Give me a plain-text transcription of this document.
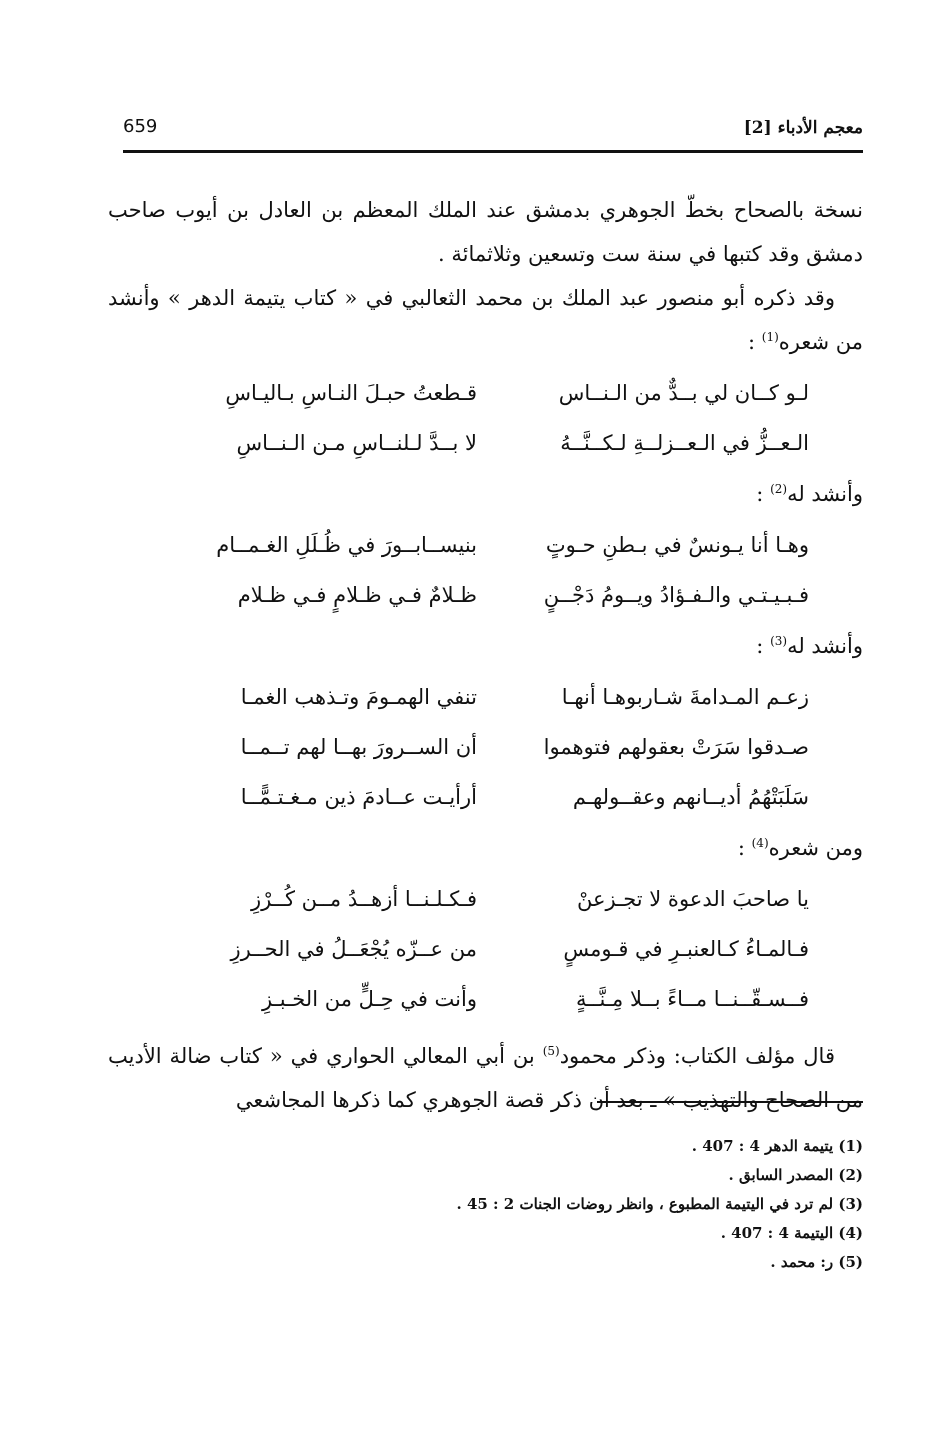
معجم الأدباء [2]
659

نسخة بالصحاح بخطّ الجوهري بدمشق عند الملك المعظم بن العادل بن أيوب صاحب دمشق وقد كتبها في سنة ست وتسعين وثلاثمائة .

وقد ذكره أبو منصور عبد الملك بن محمد الثعالبي في « كتاب يتيمة الدهر » وأنشد من شعره$^{(1)}$ :

لـو كــان لي بــدٌّ من الـنــاس
قـطعتُ حبـلَ النـاسِ بـاليـاسِ
الـعــزُّ في الـعــزلــةِ لـكــنَّــهُ
لا بــدَّ لـلنــاسِ مـن الـنــاسِ

وأنشد له$^{(2)}$ :

وهـا أنا يـونسٌ في بـطنِ حـوتٍ
بنيســابــورَ في ظُـلَلِ الغـمــام
فـبـيـتـي والـفـؤادُ ويــومُ دَجْــنٍ
ظـلامٌ فـي ظـلامٍ فـي ظـلام

وأنشد له$^{(3)}$ :

زعـم المـدامةَ شـاربوهـا أنهـا
تنفي الهمـومَ وتـذهب الغمـا
صـدقوا سَرَتْ بعقولهم فتوهموا
أن الســرورَ بهــا لهم تــمــا
سَلَبَتْهُمُ أديــانهم وعقــولهـم
أرأيـت عــادمَ ذين مـغـتـمًّــا

ومن شعره$^{(4)}$ :

يا صاحبَ الدعوة لا تجـزعنْ
فـكـلـنــا أزهــدُ مــن كُــرْزِ
فـالمـاءُ كـالعنبـرِ في قـومسٍ
من عــزّه يُجْعَــلُ في الحــرزِ
فــسـقّــنــا مــاءً بــلا مِـنَّــةٍ
وأنت في حِـلٍّ من الخـبـزِ

قال مؤلف الكتاب: وذكر محمود$^{(5)}$ بن أبي المعالي الحواري في « كتاب ضالة الأديب من الصحاح والتهذيب » ـ بعد أن ذكر قصة الجوهري كما ذكرها المجاشعي

(1) يتيمة الدهر 4 : 407 .
(2) المصدر السابق .
(3) لم ترد في اليتيمة المطبوع ، وانظر روضات الجنات 2 : 45 .
(4) اليتيمة 4 : 407 .
(5) ر: محمد .
